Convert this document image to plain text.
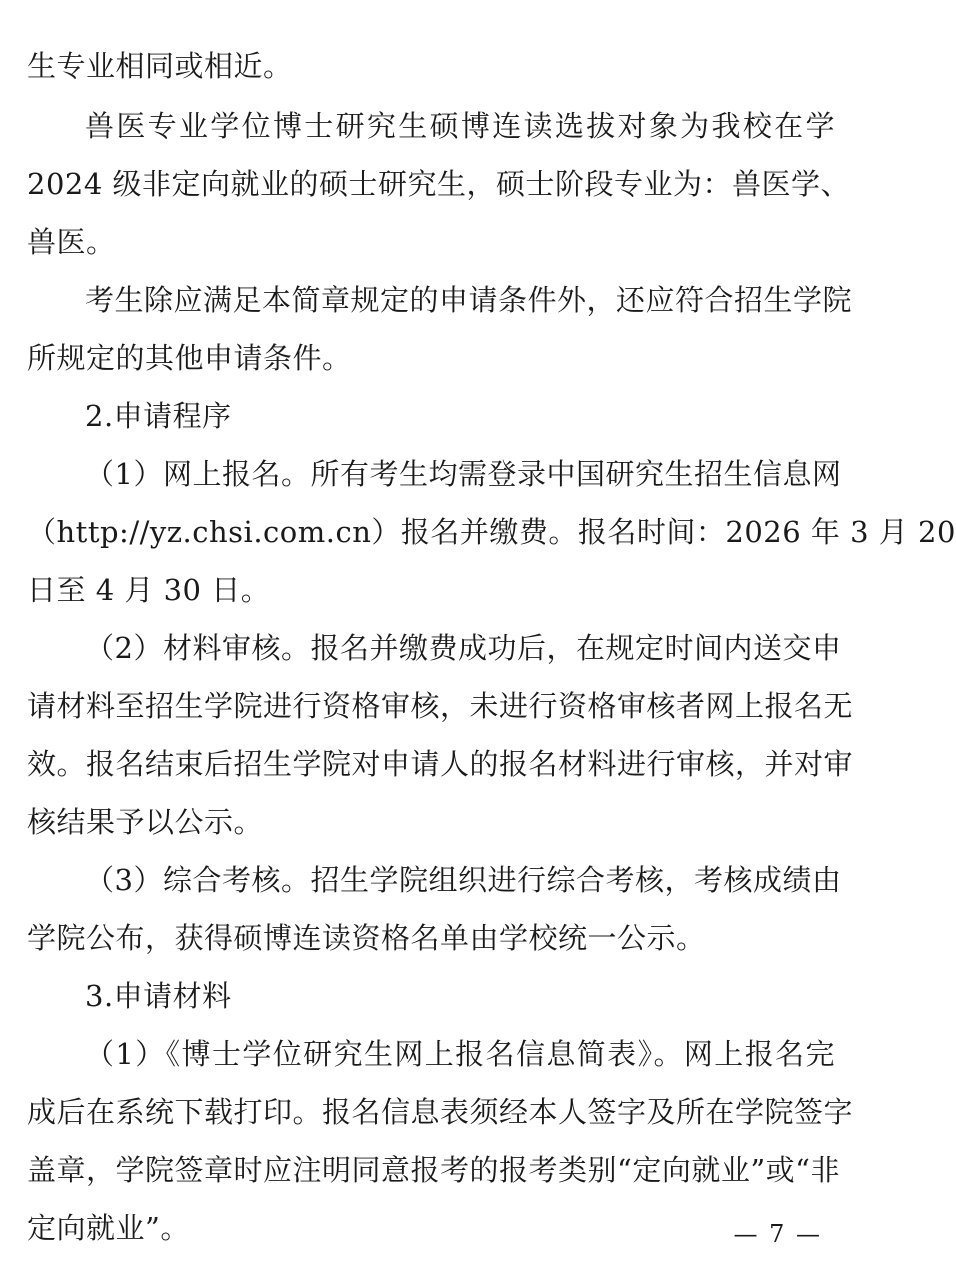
生专业相同或相近。
兽医专业学位博士研究生硕博连读选拔对象为我校在学
2024 级非定向就业的硕士研究生，硕士阶段专业为：兽医学、
兽医。
考生除应满足本简章规定的申请条件外，还应符合招生学院
所规定的其他申请条件。
2.申请程序
（1）网上报名。所有考生均需登录中国研究生招生信息网
（http://yz.chsi.com.cn）报名并缴费。报名时间：2026 年 3 月 20
日至 4 月 30 日。
（2）材料审核。报名并缴费成功后，在规定时间内送交申
请材料至招生学院进行资格审核，未进行资格审核者网上报名无
效。报名结束后招生学院对申请人的报名材料进行审核，并对审
核结果予以公示。
（3）综合考核。招生学院组织进行综合考核，考核成绩由
学院公布，获得硕博连读资格名单由学校统一公示。
3.申请材料
（1）《博士学位研究生网上报名信息简表》。网上报名完
成后在系统下载打印。报名信息表须经本人签字及所在学院签字
盖章，学院签章时应注明同意报考的报考类别“定向就业”或“非
定向就业”。	— 7 —
